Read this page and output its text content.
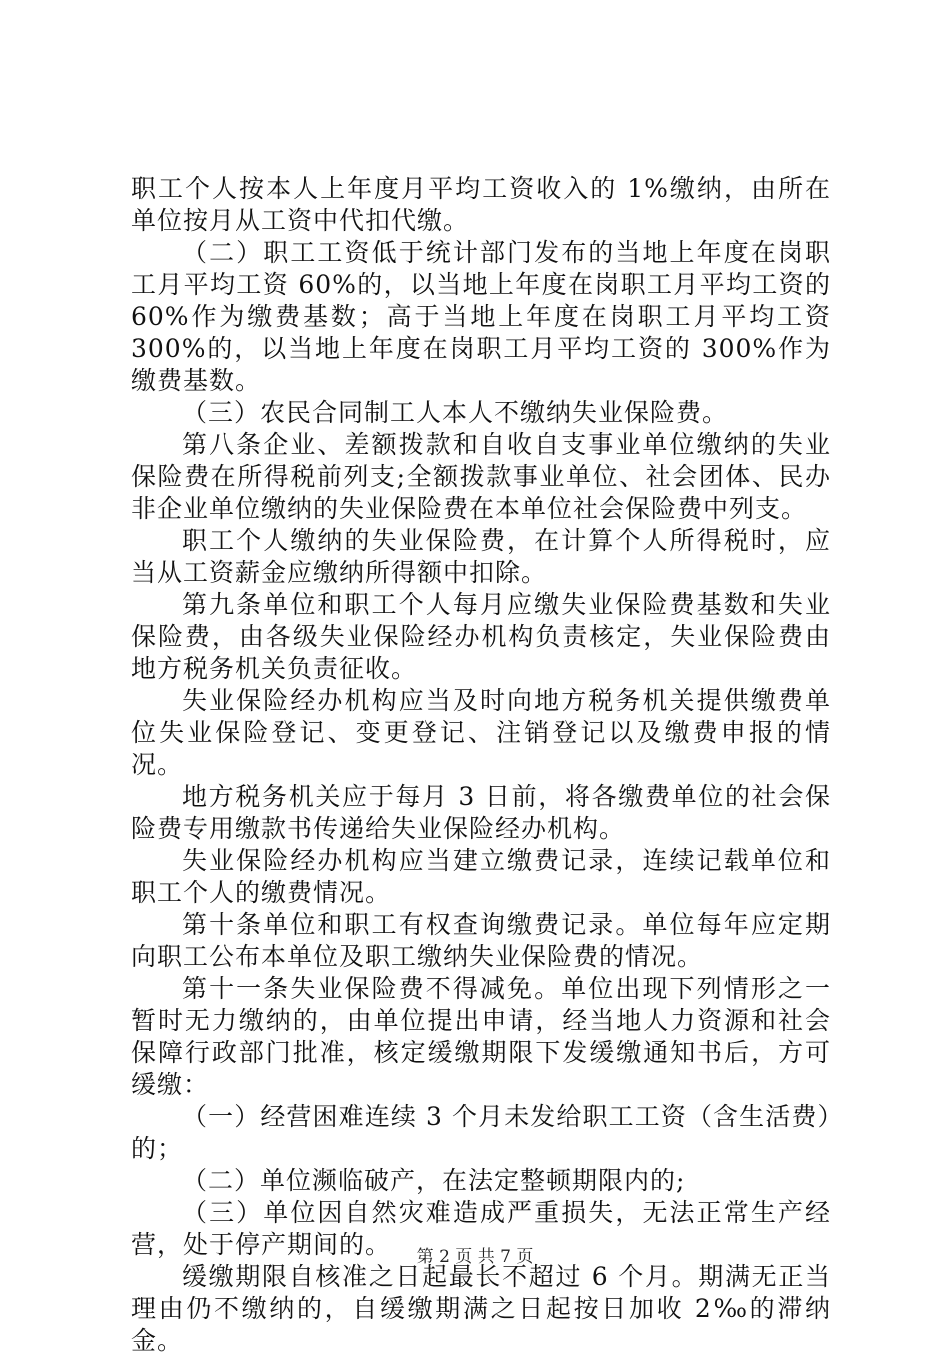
职工个人按本人上年度月平均工资收入的 1%缴纳，由所在单位按月从工资中代扣代缴。

（二）职工工资低于统计部门发布的当地上年度在岗职工月平均工资 60%的，以当地上年度在岗职工月平均工资的 60%作为缴费基数；高于当地上年度在岗职工月平均工资 300%的，以当地上年度在岗职工月平均工资的 300%作为缴费基数。

（三）农民合同制工人本人不缴纳失业保险费。

第八条企业、差额拨款和自收自支事业单位缴纳的失业保险费在所得税前列支;全额拨款事业单位、社会团体、民办非企业单位缴纳的失业保险费在本单位社会保险费中列支。

职工个人缴纳的失业保险费，在计算个人所得税时，应当从工资薪金应缴纳所得额中扣除。

第九条单位和职工个人每月应缴失业保险费基数和失业保险费，由各级失业保险经办机构负责核定，失业保险费由地方税务机关负责征收。

失业保险经办机构应当及时向地方税务机关提供缴费单位失业保险登记、变更登记、注销登记以及缴费申报的情况。

地方税务机关应于每月 3 日前，将各缴费单位的社会保险费专用缴款书传递给失业保险经办机构。

失业保险经办机构应当建立缴费记录，连续记载单位和职工个人的缴费情况。

第十条单位和职工有权查询缴费记录。单位每年应定期向职工公布本单位及职工缴纳失业保险费的情况。

第十一条失业保险费不得减免。单位出现下列情形之一暂时无力缴纳的，由单位提出申请，经当地人力资源和社会保障行政部门批准，核定缓缴期限下发缓缴通知书后，方可缓缴：

（一）经营困难连续 3 个月未发给职工工资（含生活费）的；

（二）单位濒临破产，在法定整顿期限内的;

（三）单位因自然灾难造成严重损失，无法正常生产经营，处于停产期间的。

缓缴期限自核准之日起最长不超过 6 个月。期满无正当理由仍不缴纳的，自缓缴期满之日起按日加收 2‰的滞纳金。

第 2 页 共 7 页
